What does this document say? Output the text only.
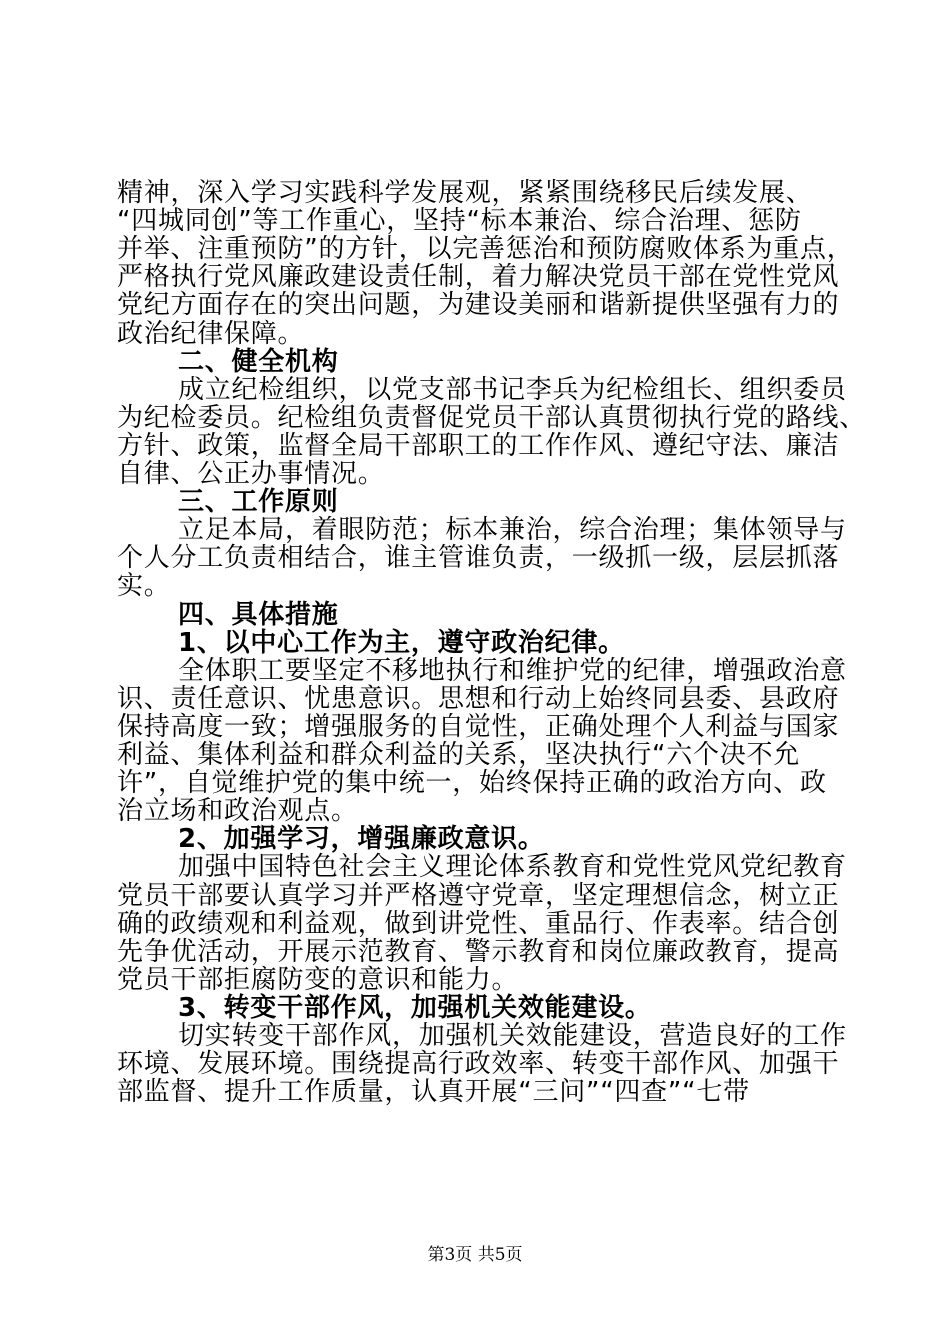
精神，深入学习实践科学发展观，紧紧围绕移民后续发展、
“四城同创”等工作重心，坚持“标本兼治、综合治理、惩防
并举、注重预防”的方针，以完善惩治和预防腐败体系为重点，
严格执行党风廉政建设责任制，着力解决党员干部在党性党风
党纪方面存在的突出问题，为建设美丽和谐新提供坚强有力的
政治纪律保障。
二、健全机构
成立纪检组织，以党支部书记李兵为纪检组长、组织委员
为纪检委员。纪检组负责督促党员干部认真贯彻执行党的路线、
方针、政策，监督全局干部职工的工作作风、遵纪守法、廉洁
自律、公正办事情况。
三、工作原则
立足本局，着眼防范；标本兼治，综合治理；集体领导与
个人分工负责相结合，谁主管谁负责，一级抓一级，层层抓落
实。
四、具体措施
1、以中心工作为主，遵守政治纪律。
全体职工要坚定不移地执行和维护党的纪律，增强政治意
识、责任意识、忧患意识。思想和行动上始终同县委、县政府
保持高度一致；增强服务的自觉性，正确处理个人利益与国家
利益、集体利益和群众利益的关系，坚决执行“六个决不允
许”，自觉维护党的集中统一，始终保持正确的政治方向、政
治立场和政治观点。
2、加强学习，增强廉政意识。
加强中国特色社会主义理论体系教育和党性党风党纪教育
党员干部要认真学习并严格遵守党章，坚定理想信念，树立正
确的政绩观和利益观，做到讲党性、重品行、作表率。结合创
先争优活动，开展示范教育、警示教育和岗位廉政教育，提高
党员干部拒腐防变的意识和能力。
3、转变干部作风，加强机关效能建设。
切实转变干部作风，加强机关效能建设，营造良好的工作
环境、发展环境。围绕提高行政效率、转变干部作风、加强干
部监督、提升工作质量，认真开展“三问”“四查”“七带
第3页 共5页
